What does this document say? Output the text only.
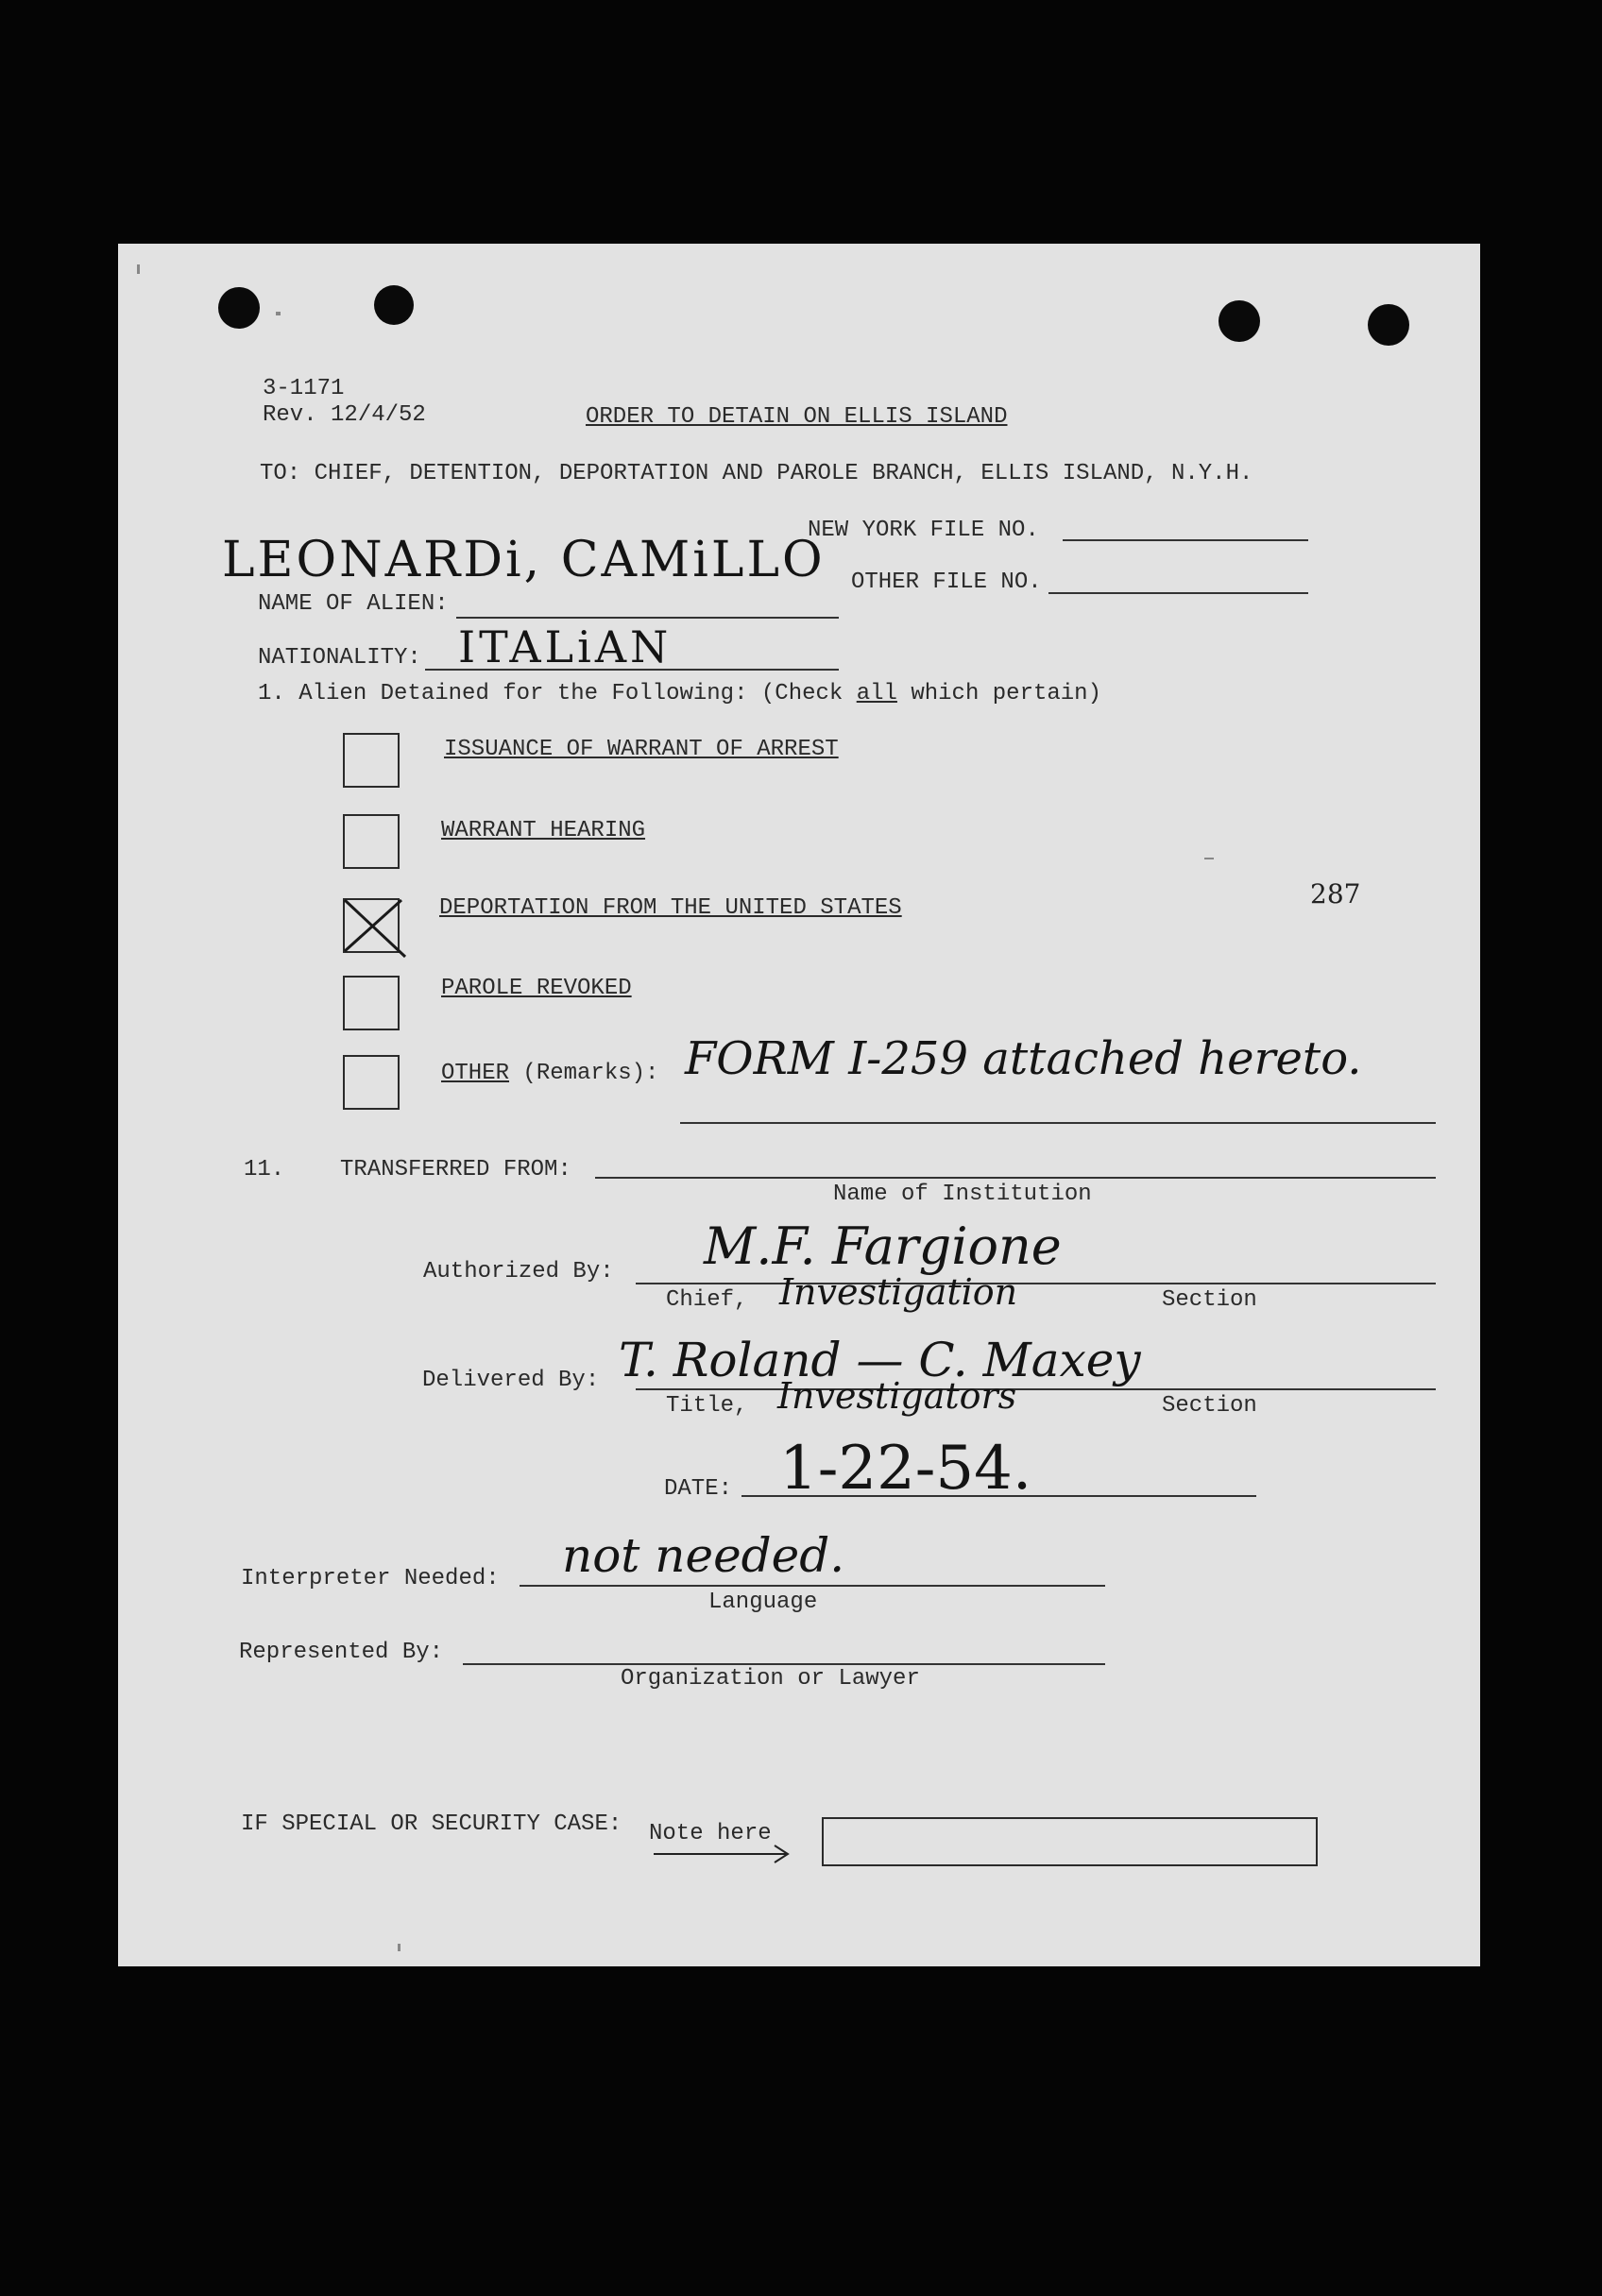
3-1171
Rev. 12/4/52	ORDER TO DETAIN ON ELLIS ISLAND
TO: CHIEF, DETENTION, DEPORTATION AND PAROLE BRANCH, ELLIS ISLAND, N.Y.H.
NEW YORK FILE NO.
OTHER FILE NO.
LEONARDi, CAMiLLO
NAME OF ALIEN:
NATIONALITY: ITALiAN
1. Alien Detained for the Following: (Check all which pertain)
ISSUANCE OF WARRANT OF ARREST
WARRANT HEARING
DEPORTATION FROM THE UNITED STATES	287
PAROLE REVOKED
OTHER (Remarks): FORM I-259 attached hereto.
11. TRANSFERRED FROM:
Name of Institution
Authorized By: M.F. Fargione
Chief, Investigation	Section
Delivered By: T. Roland — C. Maxey
Title, Investigators	Section
DATE: 1-22-54.
Interpreter Needed: not needed.
Language
Represented By:
Organization or Lawyer
IF SPECIAL OR SECURITY CASE: Note here
